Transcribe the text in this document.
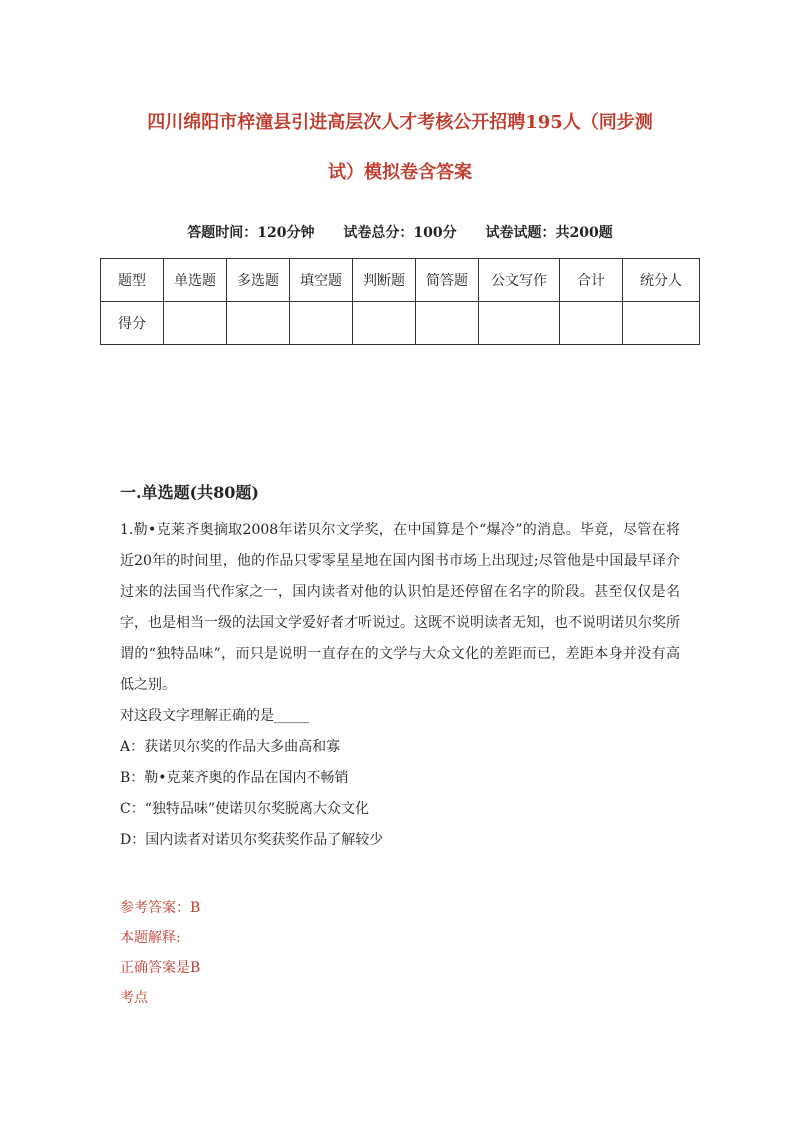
四川绵阳市梓潼县引进高层次人才考核公开招聘195人（同步测
试）模拟卷含答案
答题时间：120分钟 试卷总分：100分 试卷试题：共200题
题型	单选题	多选题	填空题	判断题	简答题	公文写作	合计	统分人
得分								
一.单选题(共80题)

1.勒•克莱齐奥摘取2008年诺贝尔文学奖，在中国算是个“爆冷”的消息。毕竟，尽管在将近20年的时间里，他的作品只零零星星地在国内图书市场上出现过;尽管他是中国最早译介过来的法国当代作家之一，国内读者对他的认识怕是还停留在名字的阶段。甚至仅仅是名字，也是相当一级的法国文学爱好者才听说过。这既不说明读者无知，也不说明诺贝尔奖所谓的“独特品味”，而只是说明一直存在的文学与大众文化的差距而已，差距本身并没有高低之别。

对这段文字理解正确的是_____

A：获诺贝尔奖的作品大多曲高和寡
B：勒•克莱齐奥的作品在国内不畅销
C：“独特品味”使诺贝尔奖脱离大众文化
D：国内读者对诺贝尔奖获奖作品了解较少
参考答案：B
本题解释:
正确答案是B
考点
